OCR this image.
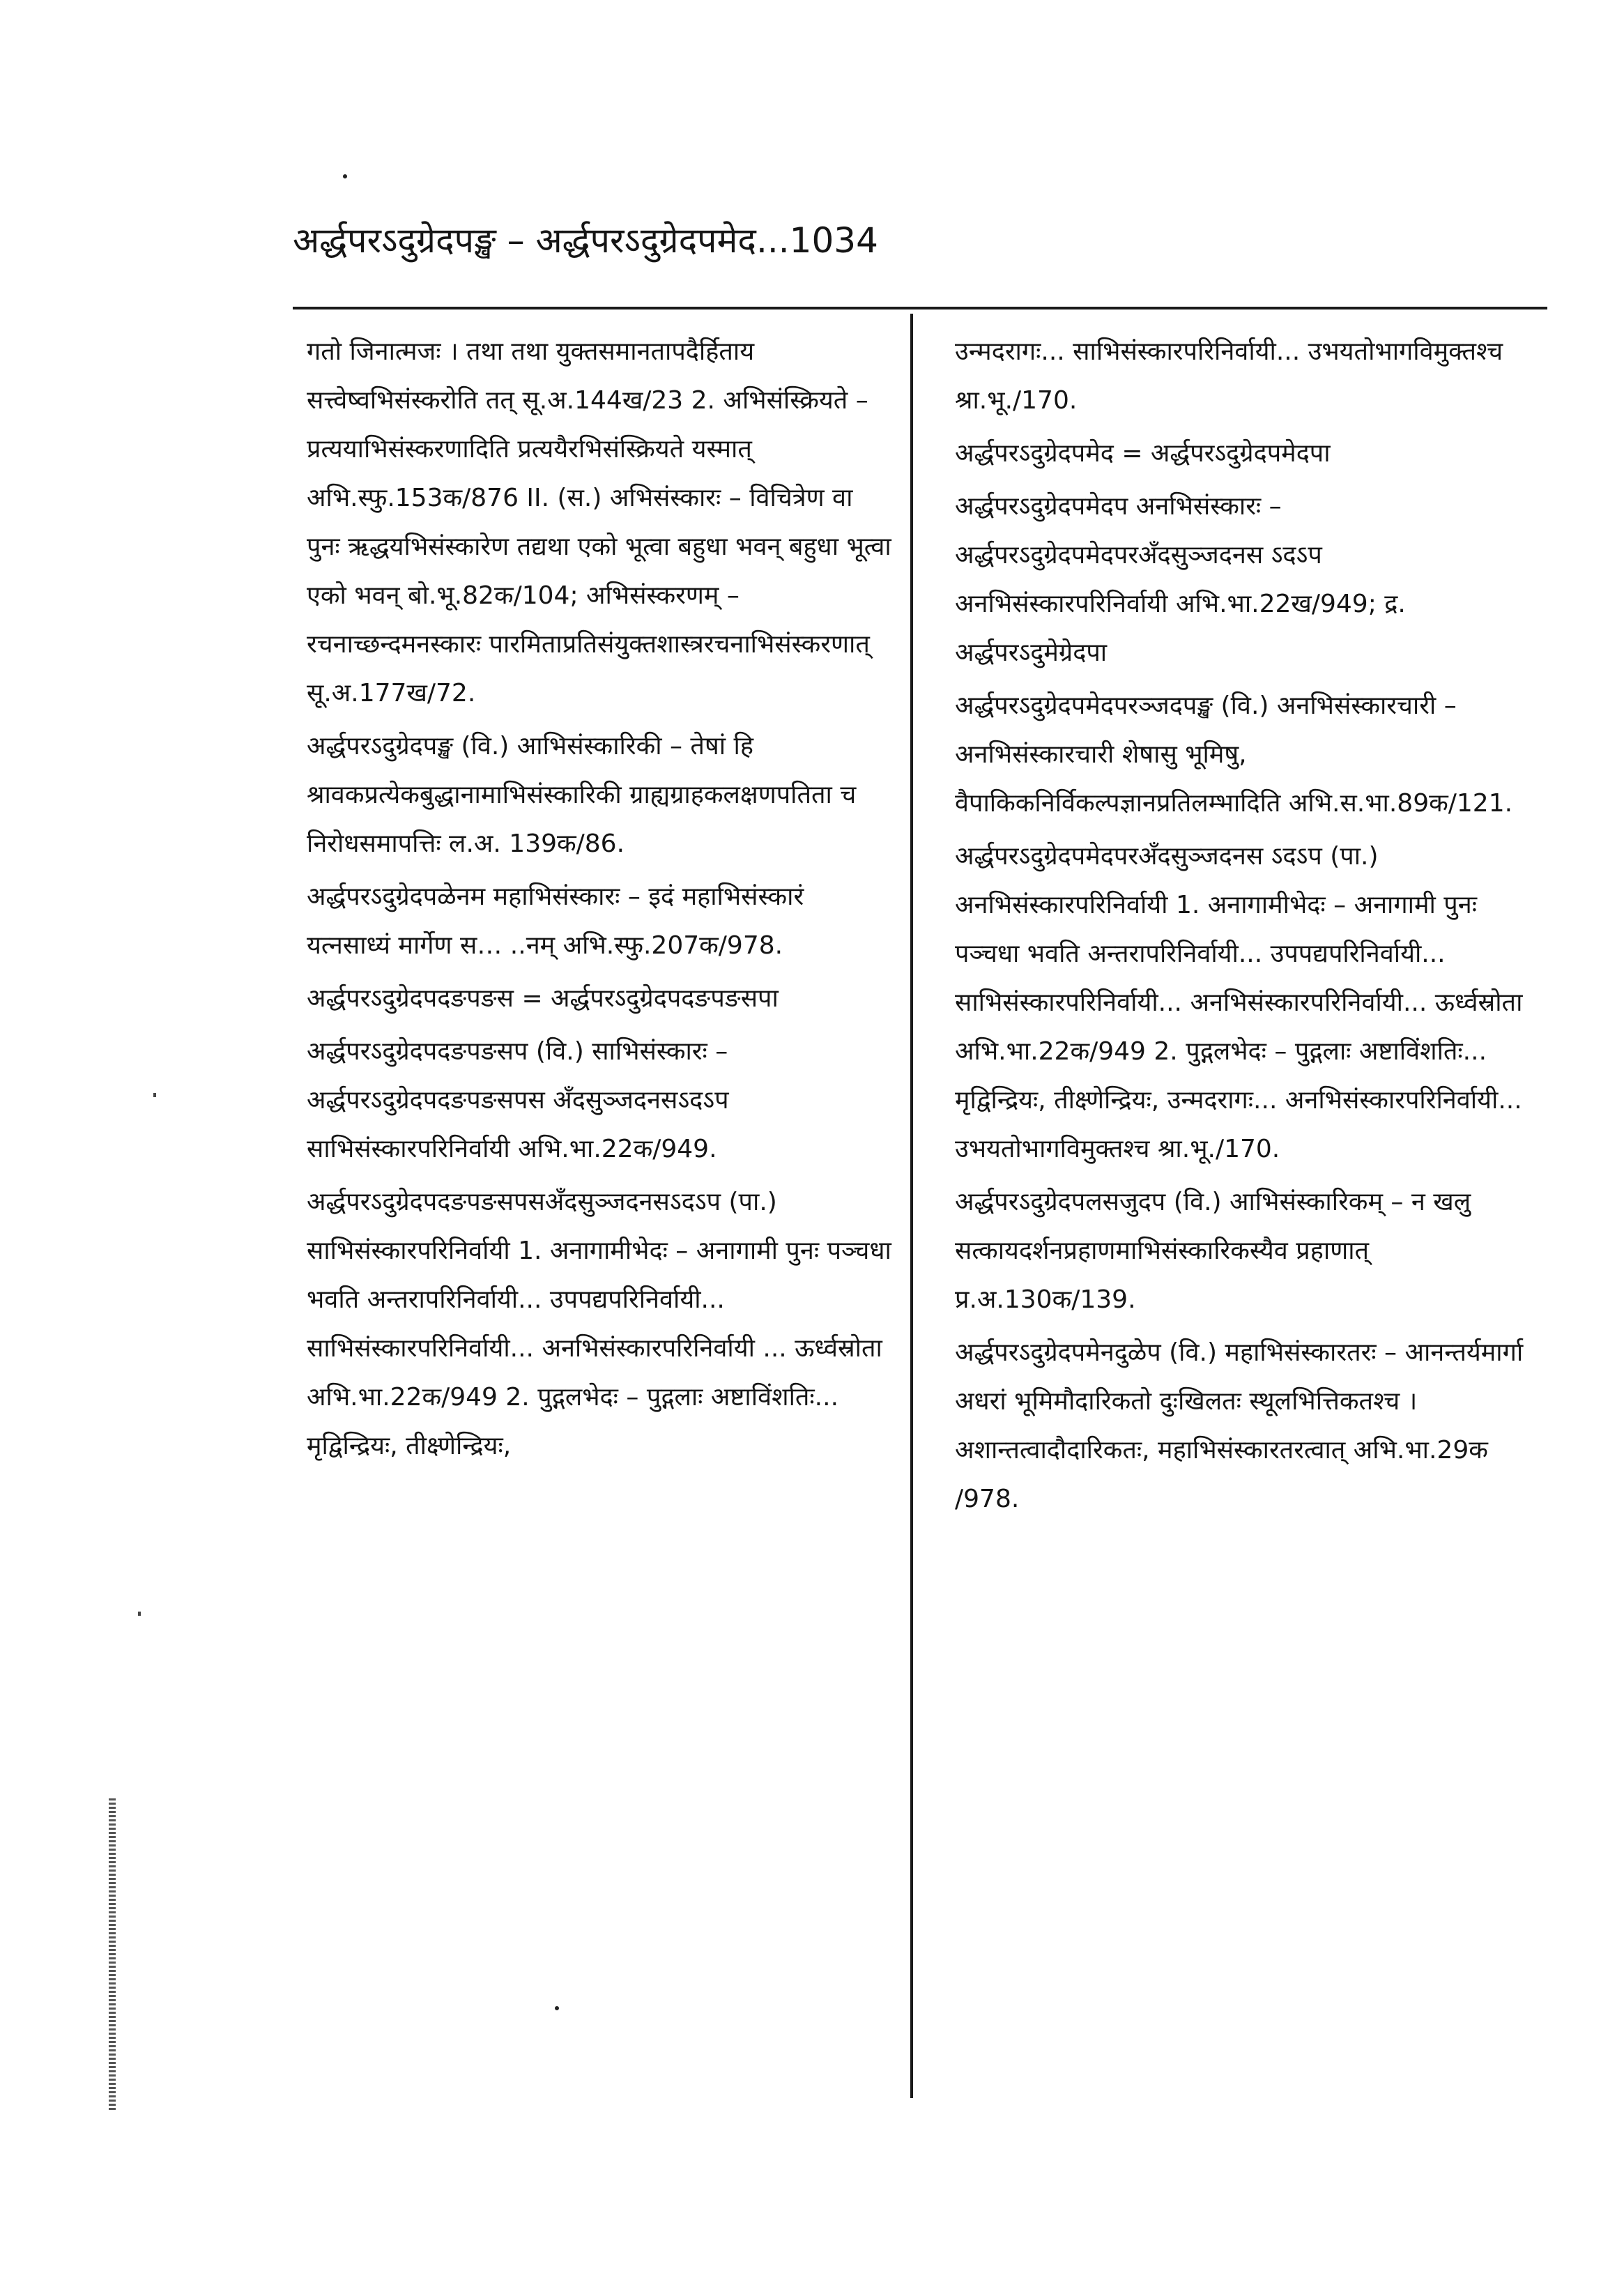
अर्द्धपरऽदुग्रेदपङ्ख – अर्द्धपरऽदुग्रेदपमेद...1034

गतो जिनात्मजः । तथा तथा युक्तसमानतापदैर्हिताय सत्त्वेष्वभिसंस्करोति तत् सू.अ.144ख/23 2. अभिसंस्क्रियते – प्रत्ययाभिसंस्करणादिति प्रत्ययैरभिसंस्क्रियते यस्मात् अभि.स्फु.153क/876 II. (स.) अभिसंस्कारः – विचित्रेण वा पुनः ऋद्धयभिसंस्कारेण तद्यथा एको भूत्वा बहुधा भवन् बहुधा भूत्वा एको भवन् बो.भू.82क/104; अभिसंस्करणम् – रचनाच्छन्दमनस्कारः पारमिताप्रतिसंयुक्तशास्त्ररचनाभिसंस्करणात् सू.अ.177ख/72.

अर्द्धपरऽदुग्रेदपङ्ख (वि.) आभिसंस्कारिकी – तेषां हि श्रावकप्रत्येकबुद्धानामाभिसंस्कारिकी ग्राह्यग्राहकलक्षणपतिता च निरोधसमापत्तिः ल.अ. 139क/86.

अर्द्धपरऽदुग्रेदपळेनम महाभिसंस्कारः – इदं महाभिसंस्कारं यत्नसाध्यं मार्गेण स… ..नम् अभि.स्फु.207क/978.

अर्द्धपरऽदुग्रेदपदङपङस = अर्द्धपरऽदुग्रेदपदङपङसपा

अर्द्धपरऽदुग्रेदपदङपङसप (वि.) साभिसंस्कारः – अर्द्धपरऽदुग्रेदपदङपङसपस अँदसुञ्जदनसऽदऽप साभिसंस्कारपरिनिर्वायी अभि.भा.22क/949.

अर्द्धपरऽदुग्रेदपदङपङसपसअँदसुञ्जदनसऽदऽप (पा.) साभिसंस्कारपरिनिर्वायी 1. अनागामीभेदः – अनागामी पुनः पञ्चधा भवति अन्तरापरिनिर्वायी... उपपद्यपरिनिर्वायी... साभिसंस्कारपरिनिर्वायी... अनभिसंस्कारपरिनिर्वायी ... ऊर्ध्वस्रोता अभि.भा.22क/949 2. पुद्गलभेदः – पुद्गलाः अष्टाविंशतिः... मृद्विन्द्रियः, तीक्ष्णेन्द्रियः,

उन्मदरागः... साभिसंस्कारपरिनिर्वायी... उभयतोभागविमुक्तश्च श्रा.भू./170.

अर्द्धपरऽदुग्रेदपमेद = अर्द्धपरऽदुग्रेदपमेदपा

अर्द्धपरऽदुग्रेदपमेदप अनभिसंस्कारः – अर्द्धपरऽदुग्रेदपमेदपरअँदसुञ्जदनस ऽदऽप अनभिसंस्कारपरिनिर्वायी अभि.भा.22ख/949; द्र. अर्द्धपरऽदुमेग्रेदपा

अर्द्धपरऽदुग्रेदपमेदपरञ्जदपङ्ख (वि.) अनभिसंस्कारचारी – अनभिसंस्कारचारी शेषासु भूमिषु, वैपाकिकनिर्विकल्पज्ञानप्रतिलम्भादिति अभि.स.भा.89क/121.

अर्द्धपरऽदुग्रेदपमेदपरअँदसुञ्जदनस ऽदऽप (पा.) अनभिसंस्कारपरिनिर्वायी 1. अनागामीभेदः – अनागामी पुनः पञ्चधा भवति अन्तरापरिनिर्वायी... उपपद्यपरिनिर्वायी... साभिसंस्कारपरिनिर्वायी... अनभिसंस्कारपरिनिर्वायी... ऊर्ध्वस्रोता अभि.भा.22क/949 2. पुद्गलभेदः – पुद्गलाः अष्टाविंशतिः... मृद्विन्द्रियः, तीक्ष्णेन्द्रियः, उन्मदरागः... अनभिसंस्कारपरिनिर्वायी... उभयतोभागविमुक्तश्च श्रा.भू./170.

अर्द्धपरऽदुग्रेदपलसजुदप (वि.) आभिसंस्कारिकम् – न खलु सत्कायदर्शनप्रहाणमाभिसंस्कारिकस्यैव प्रहाणात् प्र.अ.130क/139.

अर्द्धपरऽदुग्रेदपमेनदुळेप (वि.) महाभिसंस्कारतरः – आनन्तर्यमार्गा अधरां भूमिमौदारिकतो दुःखिलतः स्थूलभित्तिकतश्च । अशान्तत्वादौदारिकतः, महाभिसंस्कारतरत्वात् अभि.भा.29क /978.
